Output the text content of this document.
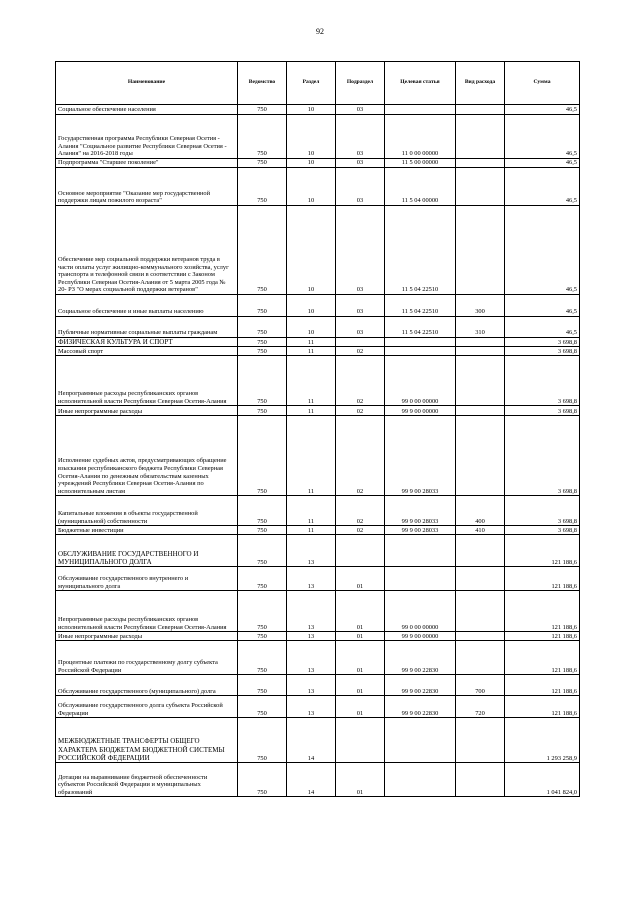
92
Наименование	Ведомство	Раздел	Подраздел	Целевая статья	Вид расхода	Сумма
Социальное обеспечение населения	750	10	03			46,5
Государственная программа Республики Северная Осетия - Алания "Социальное развитие Республики Северная Осетия - Алания" на 2016-2018 годы	750	10	03	11 0 00 00000		46,5
Подпрограмма "Старшее поколение"	750	10	03	11 5 00 00000		46,5
Основное мероприятие "Оказание мер государственной поддержки лицам пожилого возраста"	750	10	03	11 5 04 00000		46,5
Обеспечение мер социальной поддержки ветеранов труда в части оплаты услуг жилищно-коммунального хозяйства, услуг транспорта и телефонной связи в соответствии с Законом Республики Северная Осетия-Алания от 5 марта 2005 года № 20- РЗ "О мерах социальной поддержки ветеранов"	750	10	03	11 5 04 22510		46,5
Социальное обеспечение и иные выплаты населению	750	10	03	11 5 04 22510	300	46,5
Публичные нормативные социальные выплаты гражданам	750	10	03	11 5 04 22510	310	46,5
ФИЗИЧЕСКАЯ КУЛЬТУРА И СПОРТ	750	11				3 698,8
Массовый спорт	750	11	02			3 698,8
Непрограммные расходы республиканских органов исполнительной власти Республики Северная Осетия-Алания	750	11	02	99 0 00 00000		3 698,8
Иные непрограммные расходы	750	11	02	99 9 00 00000		3 698,8
Исполнение судебных актов, предусматривающих обращение взыскания республиканского бюджета Республики Северная Осетия-Алания по денежным обязательствам казенных учреждений Республики Северная Осетия-Алания по исполнительным листам	750	11	02	99 9 00 28033		3 698,8
Капитальные вложения в объекты государственной (муниципальной) собственности	750	11	02	99 9 00 28033	400	3 698,8
Бюджетные инвестиции	750	11	02	99 9 00 28033	410	3 698,8
ОБСЛУЖИВАНИЕ ГОСУДАРСТВЕННОГО И МУНИЦИПАЛЬНОГО ДОЛГА	750	13				121 188,6
Обслуживание государственного внутреннего и муниципального долга	750	13	01			121 188,6
Непрограммные расходы республиканских органов исполнительной власти Республики Северная Осетия-Алания	750	13	01	99 0 00 00000		121 188,6
Иные непрограммные расходы	750	13	01	99 9 00 00000		121 188,6
Процентные платежи по государственному долгу субъекта Российской Федерации	750	13	01	99 9 00 22830		121 188,6
Обслуживание государственного (муниципального) долга	750	13	01	99 9 00 22830	700	121 188,6
Обслуживание государственного долга субъекта Российской Федерации	750	13	01	99 9 00 22830	720	121 188,6
МЕЖБЮДЖЕТНЫЕ ТРАНСФЕРТЫ ОБЩЕГО ХАРАКТЕРА БЮДЖЕТАМ БЮДЖЕТНОЙ СИСТЕМЫ РОССИЙСКОЙ ФЕДЕРАЦИИ	750	14				1 293 258,9
Дотации на выравнивание бюджетной обеспеченности субъектов Российской Федерации и муниципальных образований	750	14	01			1 041 824,0
